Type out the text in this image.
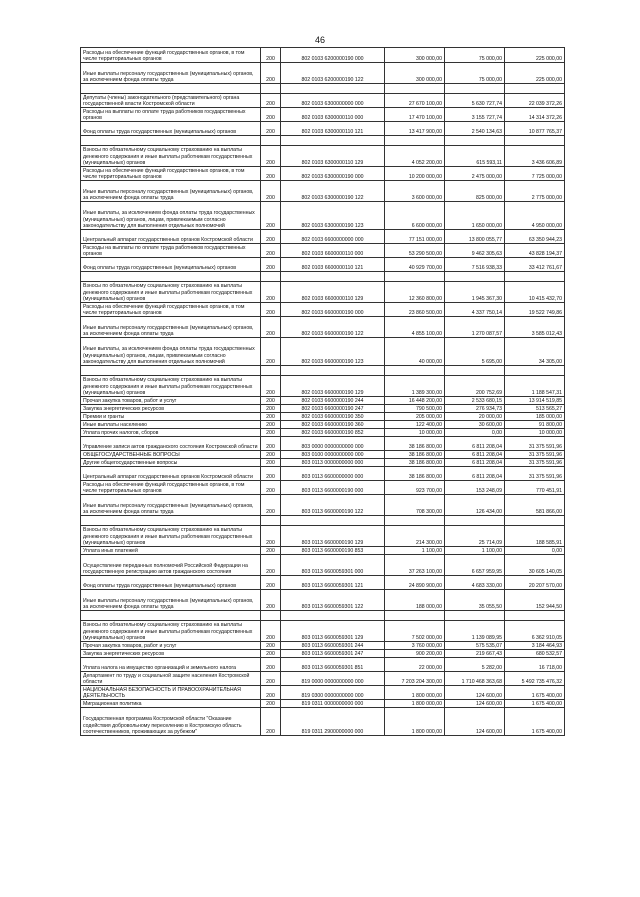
46
Расходы на обеспечение функций государственных органов, в том числе территориальных органов	200	802 0103 6200000190 000	300 000,00	75 000,00	225 000,00
Иные выплаты персоналу государственных (муниципальных) органов, за исключением фонда оплаты труда	200	802 0103 6200000190 122	300 000,00	75 000,00	225 000,00

Депутаты (члены) законодательного (представительного) органа государственной власти Костромской области	200	802 0103 6300000000 000	27 670 100,00	5 630 727,74	22 039 372,26
Расходы на выплаты по оплате труда работников государственных органов	200	802 0103 6300000110 000	17 470 100,00	3 155 727,74	14 314 372,26
Фонд оплаты труда государственных (муниципальных) органов	200	802 0103 6300000110 121	13 417 900,00	2 540 134,63	10 877 765,37

Взносы по обязательному социальному страхованию на выплаты денежного содержания и иные выплаты работникам государственных (муниципальных) органов	200	802 0103 6300000110 129	4 052 200,00	615 593,11	3 436 606,89
Расходы на обеспечение функций государственных органов, в том числе территориальных органов	200	802 0103 6300000190 000	10 200 000,00	2 475 000,00	7 725 000,00
Иные выплаты персоналу государственных (муниципальных) органов, за исключением фонда оплаты труда	200	802 0103 6300000190 122	3 600 000,00	825 000,00	2 775 000,00
Иные выплаты, за исключением фонда оплаты труда государственных (муниципальных) органов, лицам, привлекаемым согласно законодательству для выполнения отдельных полномочий	200	802 0103 6300000190 123	6 600 000,00	1 650 000,00	4 950 000,00
Центральный аппарат государственных органов Костромской области	200	802 0103 6600000000 000	77 151 000,00	13 800 055,77	63 350 944,23
Расходы на выплаты по оплате труда работников государственных органов	200	802 0103 6600000110 000	53 290 500,00	9 462 305,63	43 828 194,37
Фонд оплаты труда государственных (муниципальных) органов	200	802 0103 6600000110 121	40 929 700,00	7 516 938,33	33 412 761,67

Взносы по обязательному социальному страхованию на выплаты денежного содержания и иные выплаты работникам государственных (муниципальных) органов	200	802 0103 6600000110 129	12 360 800,00	1 945 367,30	10 415 432,70
Расходы на обеспечение функций государственных органов, в том числе территориальных органов	200	802 0103 6600000190 000	23 860 500,00	4 337 750,14	19 522 749,86
Иные выплаты персоналу государственных (муниципальных) органов, за исключением фонда оплаты труда	200	802 0103 6600000190 122	4 855 100,00	1 270 087,57	3 585 012,43
Иные выплаты, за исключением фонда оплаты труда государственных (муниципальных) органов, лицам, привлекаемым согласно законодательству для выполнения отдельных полномочий	200	802 0103 6600000190 123	40 000,00	5 695,00	34 305,00

Взносы по обязательному социальному страхованию на выплаты денежного содержания и иные выплаты работникам государственных (муниципальных) органов	200	802 0103 6600000190 129	1 389 300,00	200 752,69	1 188 547,31
Прочая закупка товаров, работ и услуг	200	802 0103 6600000190 244	16 448 200,00	2 533 680,15	13 914 519,85
Закупка энергетических ресурсов	200	802 0103 6600000190 247	790 500,00	276 934,73	513 565,27
Премии и гранты	200	802 0103 6600000190 350	205 000,00	20 000,00	185 000,00
Иные выплаты населению	200	802 0103 6600000190 360	122 400,00	30 600,00	91 800,00
Уплата прочих налогов, сборов	200	802 0103 6600000190 852	10 000,00	0,00	10 000,00
Управление записи актов гражданского состояния Костромской области	200	803 0000 0000000000 000	38 186 800,00	6 811 208,04	31 375 591,96
ОБЩЕГОСУДАРСТВЕННЫЕ ВОПРОСЫ	200	803 0100 0000000000 000	38 186 800,00	6 811 208,04	31 375 591,96
Другие общегосударственные вопросы	200	803 0113 0000000000 000	38 186 800,00	6 811 208,04	31 375 591,96
Центральный аппарат государственных органов Костромской области	200	803 0113 6600000000 000	38 186 800,00	6 811 208,04	31 375 591,96
Расходы на обеспечение функций государственных органов, в том числе территориальных органов	200	803 0113 6600000190 000	923 700,00	153 248,09	770 451,91
Иные выплаты персоналу государственных (муниципальных) органов, за исключением фонда оплаты труда	200	803 0113 6600000190 122	708 300,00	126 434,00	581 866,00

Взносы по обязательному социальному страхованию на выплаты денежного содержания и иные выплаты работникам государственных (муниципальных) органов	200	803 0113 6600000190 129	214 300,00	25 714,09	188 585,91
Уплата иных платежей	200	803 0113 6600000190 853	1 100,00	1 100,00	0,00
Осуществление переданных полномочий Российской Федерации на государственную регистрацию актов гражданского состояния	200	803 0113 6600059301 000	37 263 100,00	6 657 959,95	30 605 140,05
Фонд оплаты труда государственных (муниципальных) органов	200	803 0113 6600059301 121	24 890 900,00	4 683 330,00	20 207 570,00
Иные выплаты персоналу государственных (муниципальных) органов, за исключением фонда оплаты труда	200	803 0113 6600059301 122	188 000,00	35 055,50	152 944,50

Взносы по обязательному социальному страхованию на выплаты денежного содержания и иные выплаты работникам государственных (муниципальных) органов	200	803 0113 6600059301 129	7 502 000,00	1 139 089,95	6 362 910,05
Прочая закупка товаров, работ и услуг	200	803 0113 6600059301 244	3 760 000,00	575 535,07	3 184 464,93
Закупка энергетических ресурсов	200	803 0113 6600059301 247	900 200,00	219 667,43	680 532,57
Уплата налога на имущество организаций и земельного налога	200	803 0113 6600059301 851	22 000,00	5 282,00	16 718,00
Департамент по труду и социальной защите населения Костромской области	200	819 0000 0000000000 000	7 203 204 300,00	1 710 468 363,68	5 492 735 476,32
НАЦИОНАЛЬНАЯ БЕЗОПАСНОСТЬ И ПРАВООХРАНИТЕЛЬНАЯ ДЕЯТЕЛЬНОСТЬ	200	819 0300 0000000000 000	1 800 000,00	124 600,00	1 675 400,00
Миграционная политика	200	819 0311 0000000000 000	1 800 000,00	124 600,00	1 675 400,00
Государственная программа Костромской области "Оказание содействия добровольному переселению в Костромскую область соотечественников, проживающих за рубежом"	200	819 0311 2900000000 000	1 800 000,00	124 600,00	1 675 400,00
